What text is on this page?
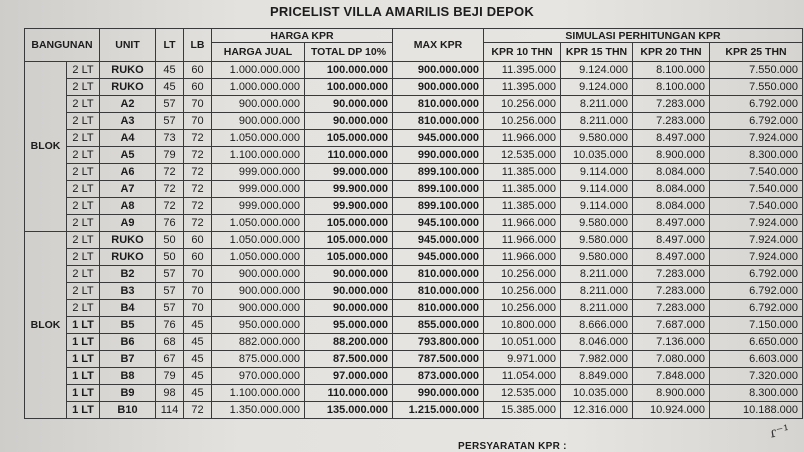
PRICELIST VILLA AMARILIS BEJI DEPOK
BANGUNAN		UNIT	LT	LB	HARGA KPR		MAX KPR	SIMULASI PERHITUNGAN KPR			
					HARGA JUAL	TOTAL DP 10%		KPR 10 THN	KPR 15 THN	KPR 20 THN	KPR 25 THN
BLOK	2 LT	RUKO	45	60	1.000.000.000	100.000.000	900.000.000	11.395.000	9.124.000	8.100.000	7.550.000
	2 LT	RUKO	45	60	1.000.000.000	100.000.000	900.000.000	11.395.000	9.124.000	8.100.000	7.550.000
	2 LT	A2	57	70	900.000.000	90.000.000	810.000.000	10.256.000	8.211.000	7.283.000	6.792.000
	2 LT	A3	57	70	900.000.000	90.000.000	810.000.000	10.256.000	8.211.000	7.283.000	6.792.000
	2 LT	A4	73	72	1.050.000.000	105.000.000	945.000.000	11.966.000	9.580.000	8.497.000	7.924.000
	2 LT	A5	79	72	1.100.000.000	110.000.000	990.000.000	12.535.000	10.035.000	8.900.000	8.300.000
	2 LT	A6	72	72	999.000.000	99.000.000	899.100.000	11.385.000	9.114.000	8.084.000	7.540.000
	2 LT	A7	72	72	999.000.000	99.900.000	899.100.000	11.385.000	9.114.000	8.084.000	7.540.000
	2 LT	A8	72	72	999.000.000	99.900.000	899.100.000	11.385.000	9.114.000	8.084.000	7.540.000
	2 LT	A9	76	72	1.050.000.000	105.000.000	945.100.000	11.966.000	9.580.000	8.497.000	7.924.000
BLOK	2 LT	RUKO	50	60	1.050.000.000	105.000.000	945.000.000	11.966.000	9.580.000	8.497.000	7.924.000
	2 LT	RUKO	50	60	1.050.000.000	105.000.000	945.000.000	11.966.000	9.580.000	8.497.000	7.924.000
	2 LT	B2	57	70	900.000.000	90.000.000	810.000.000	10.256.000	8.211.000	7.283.000	6.792.000
	2 LT	B3	57	70	900.000.000	90.000.000	810.000.000	10.256.000	8.211.000	7.283.000	6.792.000
	2 LT	B4	57	70	900.000.000	90.000.000	810.000.000	10.256.000	8.211.000	7.283.000	6.792.000
	1 LT	B5	76	45	950.000.000	95.000.000	855.000.000	10.800.000	8.666.000	7.687.000	7.150.000
	1 LT	B6	68	45	882.000.000	88.200.000	793.800.000	10.051.000	8.046.000	7.136.000	6.650.000
	1 LT	B7	67	45	875.000.000	87.500.000	787.500.000	9.971.000	7.982.000	7.080.000	6.603.000
	1 LT	B8	79	45	970.000.000	97.000.000	873.000.000	11.054.000	8.849.000	7.848.000	7.320.000
	1 LT	B9	98	45	1.100.000.000	110.000.000	990.000.000	12.535.000	10.035.000	8.900.000	8.300.000
	1 LT	B10	114	72	1.350.000.000	135.000.000	1.215.000.000	15.385.000	12.316.000	10.924.000	10.188.000
PERSYARATAN KPR :
ɾ⁻¹
